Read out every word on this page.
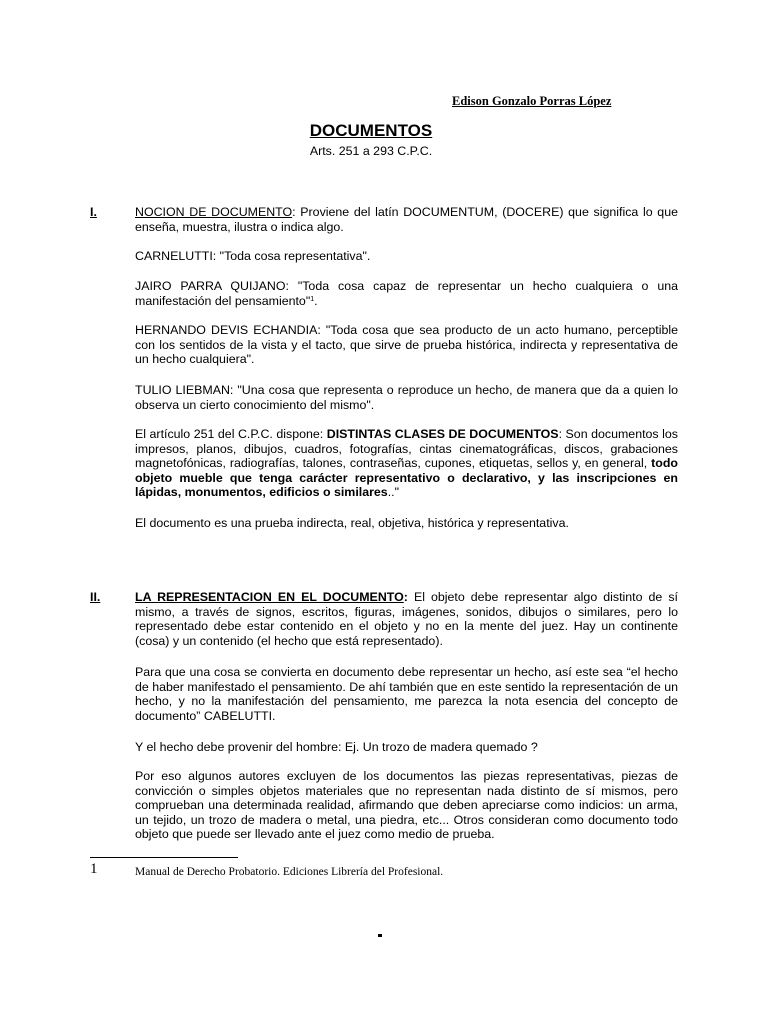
Edison Gonzalo Porras López
DOCUMENTOS
Arts. 251 a 293 C.P.C.
I.	NOCION DE DOCUMENTO: Proviene del latín DOCUMENTUM, (DOCERE) que significa lo que enseña, muestra, ilustra o indica algo.
CARNELUTTI: "Toda cosa representativa".
JAIRO PARRA QUIJANO: "Toda cosa capaz de representar un hecho cualquiera o una manifestación del pensamiento"$^1$.
HERNANDO DEVIS ECHANDIA: "Toda cosa que sea producto de un acto humano, perceptible con los sentidos de la vista y el tacto, que sirve de prueba histórica, indirecta y representativa de un hecho cualquiera".
TULIO LIEBMAN: "Una cosa que representa o reproduce un hecho, de manera que da a quien lo observa un cierto conocimiento del mismo".
El artículo 251 del C.P.C. dispone: DISTINTAS CLASES DE DOCUMENTOS: Son documentos los impresos, planos, dibujos, cuadros, fotografías, cintas cinematográficas, discos, grabaciones magnetofónicas, radiografías, talones, contraseñas, cupones, etiquetas, sellos y, en general, todo objeto mueble que tenga carácter representativo o declarativo, y las inscripciones en lápidas, monumentos, edificios o similares.."
El documento es una prueba indirecta, real, objetiva, histórica y representativa.
II.	LA REPRESENTACION EN EL DOCUMENTO: El objeto debe representar algo distinto de sí mismo, a través de signos, escritos, figuras, imágenes, sonidos, dibujos o similares, pero lo representado debe estar contenido en el objeto y no en la mente del juez. Hay un continente (cosa) y un contenido (el hecho que está representado).
Para que una cosa se convierta en documento debe representar un hecho, así este sea “el hecho de haber manifestado el pensamiento. De ahí también que en este sentido la representación de un hecho, y no la manifestación del pensamiento, me parezca la nota esencia del concepto de documento” CABELUTTI.
Y el hecho debe provenir del hombre: Ej. Un trozo de madera quemado ?
Por eso algunos autores excluyen de los documentos las piezas representativas, piezas de convicción o simples objetos materiales que no representan nada distinto de sí mismos, pero comprueban una determinada realidad, afirmando que deben apreciarse como indicios: un arma, un tejido, un trozo de madera o metal, una piedra, etc... Otros consideran como documento todo objeto que puede ser llevado ante el juez como medio de prueba.
1	Manual de Derecho Probatorio. Ediciones Librería del Profesional.
